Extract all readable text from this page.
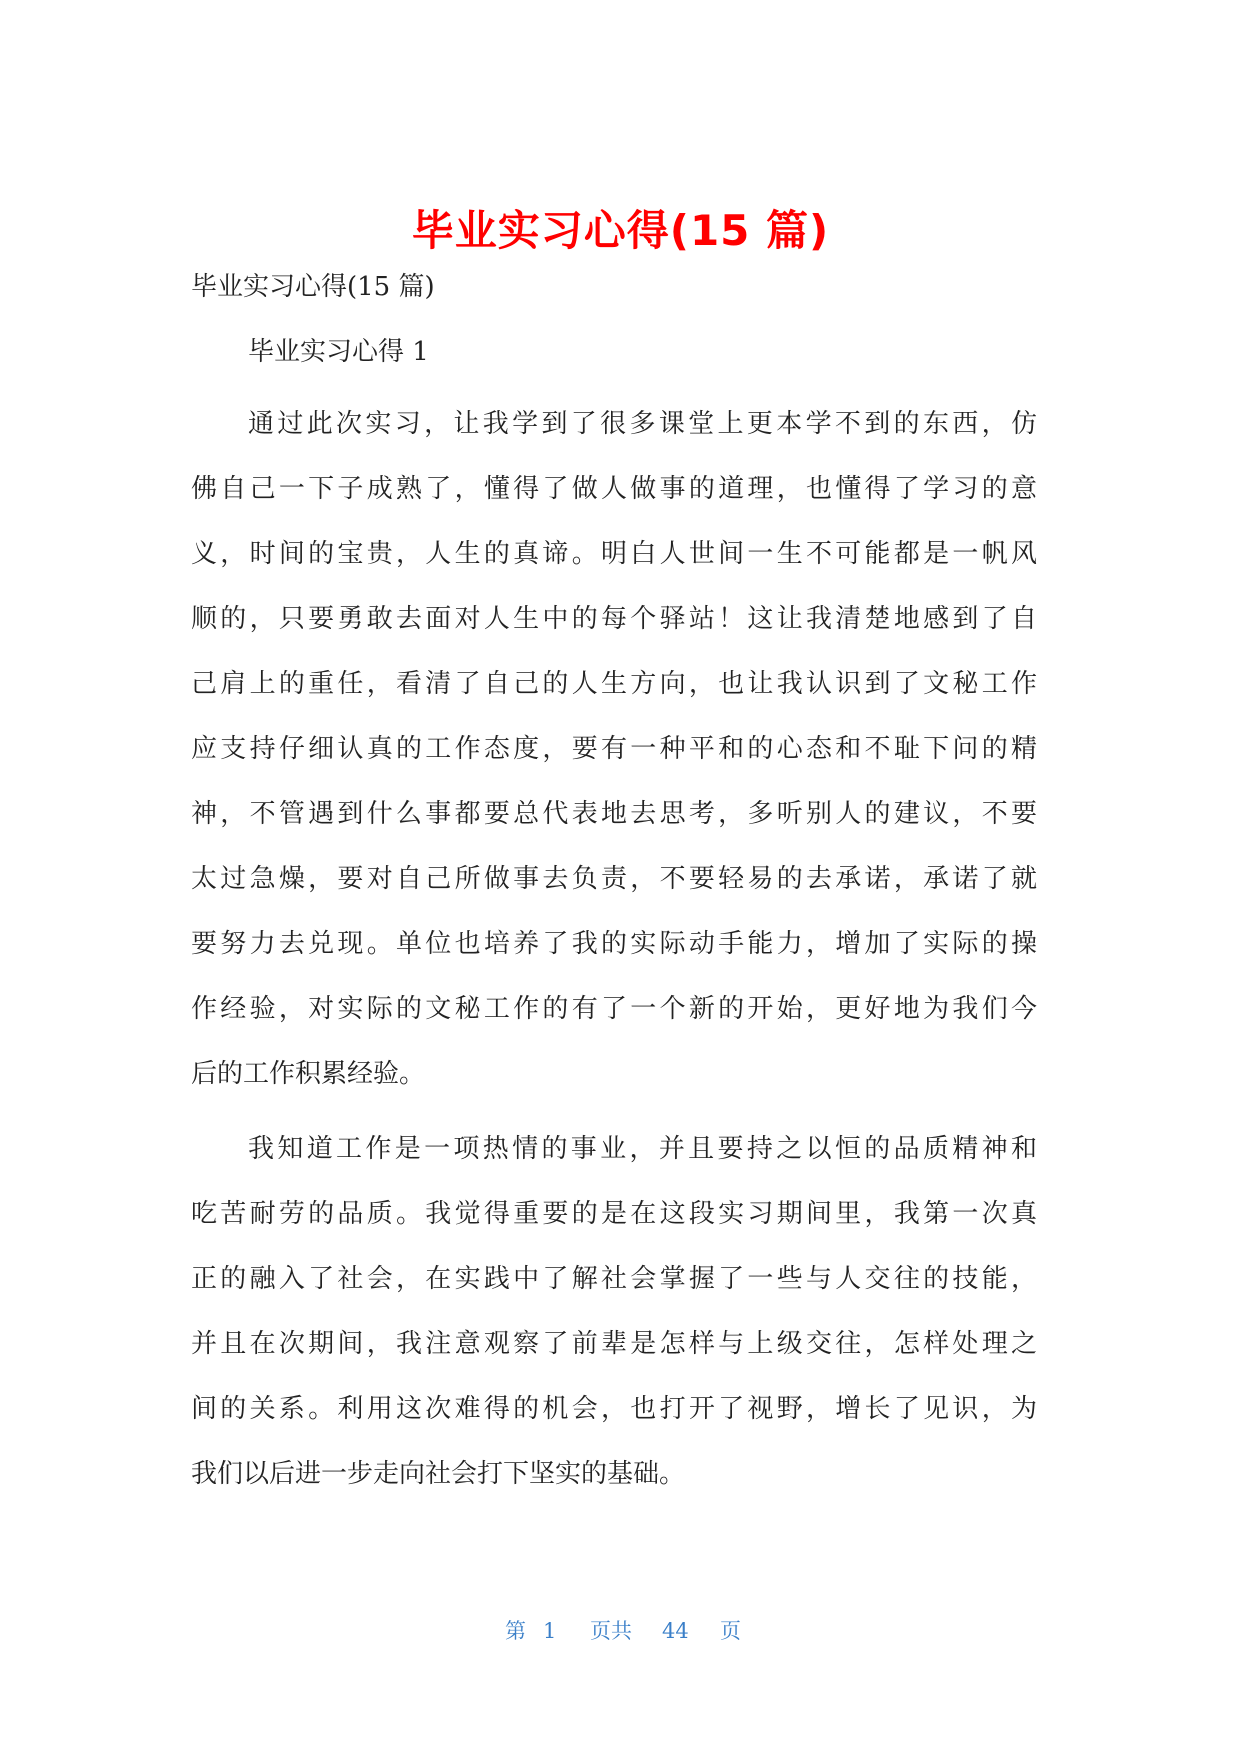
毕业实习心得(15 篇)
毕业实习心得(15 篇)
毕业实习心得 1
通过此次实习，让我学到了很多课堂上更本学不到的东西，仿
佛自己一下子成熟了，懂得了做人做事的道理，也懂得了学习的意
义，时间的宝贵，人生的真谛。明白人世间一生不可能都是一帆风
顺的，只要勇敢去面对人生中的每个驿站！这让我清楚地感到了自
己肩上的重任，看清了自己的人生方向，也让我认识到了文秘工作
应支持仔细认真的工作态度，要有一种平和的心态和不耻下问的精
神，不管遇到什么事都要总代表地去思考，多听别人的建议，不要
太过急燥，要对自己所做事去负责，不要轻易的去承诺，承诺了就
要努力去兑现。单位也培养了我的实际动手能力，增加了实际的操
作经验，对实际的文秘工作的有了一个新的开始，更好地为我们今
后的工作积累经验。
我知道工作是一项热情的事业，并且要持之以恒的品质精神和
吃苦耐劳的品质。我觉得重要的是在这段实习期间里，我第一次真
正的融入了社会，在实践中了解社会掌握了一些与人交往的技能，
并且在次期间，我注意观察了前辈是怎样与上级交往，怎样处理之
间的关系。利用这次难得的机会，也打开了视野，增长了见识，为
我们以后进一步走向社会打下坚实的基础。
第 1 页共 44 页
